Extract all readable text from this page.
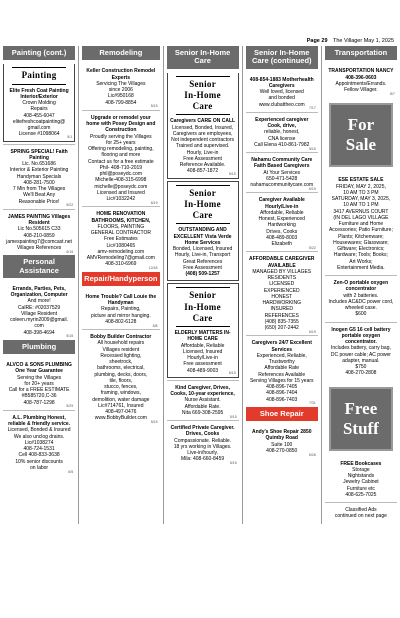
Page 29 The Villager May 1, 2025
Painting (cont.)
Painting
Elite Fresh Coat Painting Interior/Exterior
Crown Molding
Repairs
408-455-6047
elitefreshcoatpainting@
gmail.com
License #1098064	5/1
SPRING SPECIAL! Faith Painting
Lic. No.651686
Interior & Exterior Painting
Handyman Specials
408-281-7500
7 Min from The Villages
We'll Beat Any
Reasonable Price!
5/22
JAMES PAINTING Villages Resident
Lic No.505615 C33
408-210-0859
jamespainting7@comcast.net
Villages References
6/19
Personal Assistance
Errands, Parties, Pets, Organization, Computer
And more!
CalRE: #02037529
Village Resident
coleen.myrin2009@gmail.
com
408-398-4694
5/15
Plumbing
ALVCO & SONS PLUMBING One Year Guarantee
Serving the Villages
for 20+ years
Call for a FREE ESTIMATE
#B585720,C-36
408-787-1298
5/29
A.L. Plumbing Honest, reliable & friendly service.
Licensed, Bonded & Insured
We also unclog drains.
Lic#1038274
408-724-1531
Cell 408-833-3638
10% senior discounts
on labor
6/5
Remodeling
Keller Construction Remodel Experts
Servicing The Villages
since 2006
Lic#950168
408-799-8854
5/15
Upgrade or remodel your home with Posey Design and Construction
Proudly serving the Villages
for 25+ years
Offering remodeling, painting,
flooring and more
Contact us for a free estimate
Phil- 408-710-2019
phil@poseydc.com
Michelle-408-315-6998
michelle@poseydc.com
Licensed and Insured
Lic#1032242
6/19
HOME RENOVATION BATHROOMS, KITCHEN,
FLOORS, PAINTING
GENERAL CONTRACTOR
Free Estimates
Lic#1080465
amv-remodeling.com
AMVRemodeling7@gmail.com
408-310-6969
12/18
Repair/Handyperson
Home Trouble? Call Louie the Handyman
Repairs, Painting,
picture and mirror hanging.
408-802-6128
5/8
Bobby Builder Contractor
All household repairs
Villages resident
Recessed lighting,
sheetrock,
bathrooms, electrical,
plumbing, decks, doors,
tile, floors,
stucco, fences,
framing, windows,
demolition, water damage
Lic#714761, Insured
408-497-0476
www.BobbyBuilder.com
5/15
Senior In-Home Care
Senior
In-Home Care
Caregivers CARE ON CALL
Licensed, Bonded, Insured,
Caregivers are employees,
Not independent contractors
Trained and supervised.
Hourly, Live-in
Free Assessment
Reference Available.
408-857-1872	5/15
Senior
In-Home Care
OUTSTANDING AND EXCELLENT Vista Verde Home Services
Bonded, Licensed, Insured
Hourly, Live-in, Transport
Great References
Free Assessment
(408) 509-1257
Senior
In-Home Care
ELDERLY MATTERS IN-HOME CARE
Affordable, Reliable
Licensed, Insured
Hourly/Live-in
Free assessment
408-489-9003	6/19
Kind Caregiver, Drives, Cooks, 10-year experience,
Nurse Assistant.
Affordable Rate.
Nita 669-308-2595
5/15
Certified Private Caregiver. Drives, Cooks
Compassionate. Reliable.
18 yrs working in Villages.
Live-in/hourly.
Mila: 408-660-8459
5/15
Senior In-Home Care (continued)
408-854-1883 Motherhealth Caregivers
Well loved, licensed
and bonded
www.clubattheo.com
7/17
Experienced caregiver Cook, drive,
reliable, honest,
CNA license
Call Elena 410-861-7982
5/15
Nahamu Community Care Faith Based Caregivers
At Your Services
650-471-5428
nahamucommunitycare.com
6/19
Caregiver Available Hourly/Live-in
Affordable, Reliable
Honest, Experienced
Hardworking
Drives, Cooks
408-489-8003
Elizabeth
5/22
AFFORDABLE CAREGIVER AVAILABLE
MANAGED BY VILLAGES
RESIDENTS
LICENSED
EXPERIENCED
HONEST
HARDWORKING
INSURED
REFERENCES
(408) 835-7355
(650) 207-2442
6/19
Caregivers 24/7 Excellent Services
Experienced, Reliable,
Trustworthy
Affordable Rate
References Available
Serving Villages for 15 years
408-896-7405
408-896-7404
408-896-7403
7/31
Shoe Repair
Andy's Shoe Repair 2850 Quimby Road
Suite 100
408-270-0850
6/26
Transportation
TRANSPORTATION NANCY 408-396-0603
Appointments/Errands.
Fellow Villager.
8/7
For Sale
ESE ESTATE SALE
FRIDAY, MAY 2, 2025,
10 AM TO 3 PM
SATURDAY, MAY 3, 2025,
10 AM TO 1 PM
3417 AVERNUS COURT
(IN DEL LAGO VILLAGE
Furniture and Home
Accessories; Patio Furniture;
Plants; Kitchenware;
Housewares; Glassware;
Giftware; Electronics;
Hardware; Tools; Books;
Art Works;
Entertainment Media.
Zen-O portable oxygen concentrator
with 2 batteries.
Includes AC&DC power cord,
wheeled case.
$600
Inogen G5 16 cell battery portable oxygen concentrator.
Includes battery, carry bag,
DC power cable; AC power
adapter, manual.
$750
408-270-2808
Free Stuff
FREE Bookcases
Storage
Nightstands
Jewelry Cabinet
Furniture etc
408-625-7025
Classified Ads
continued on next page
